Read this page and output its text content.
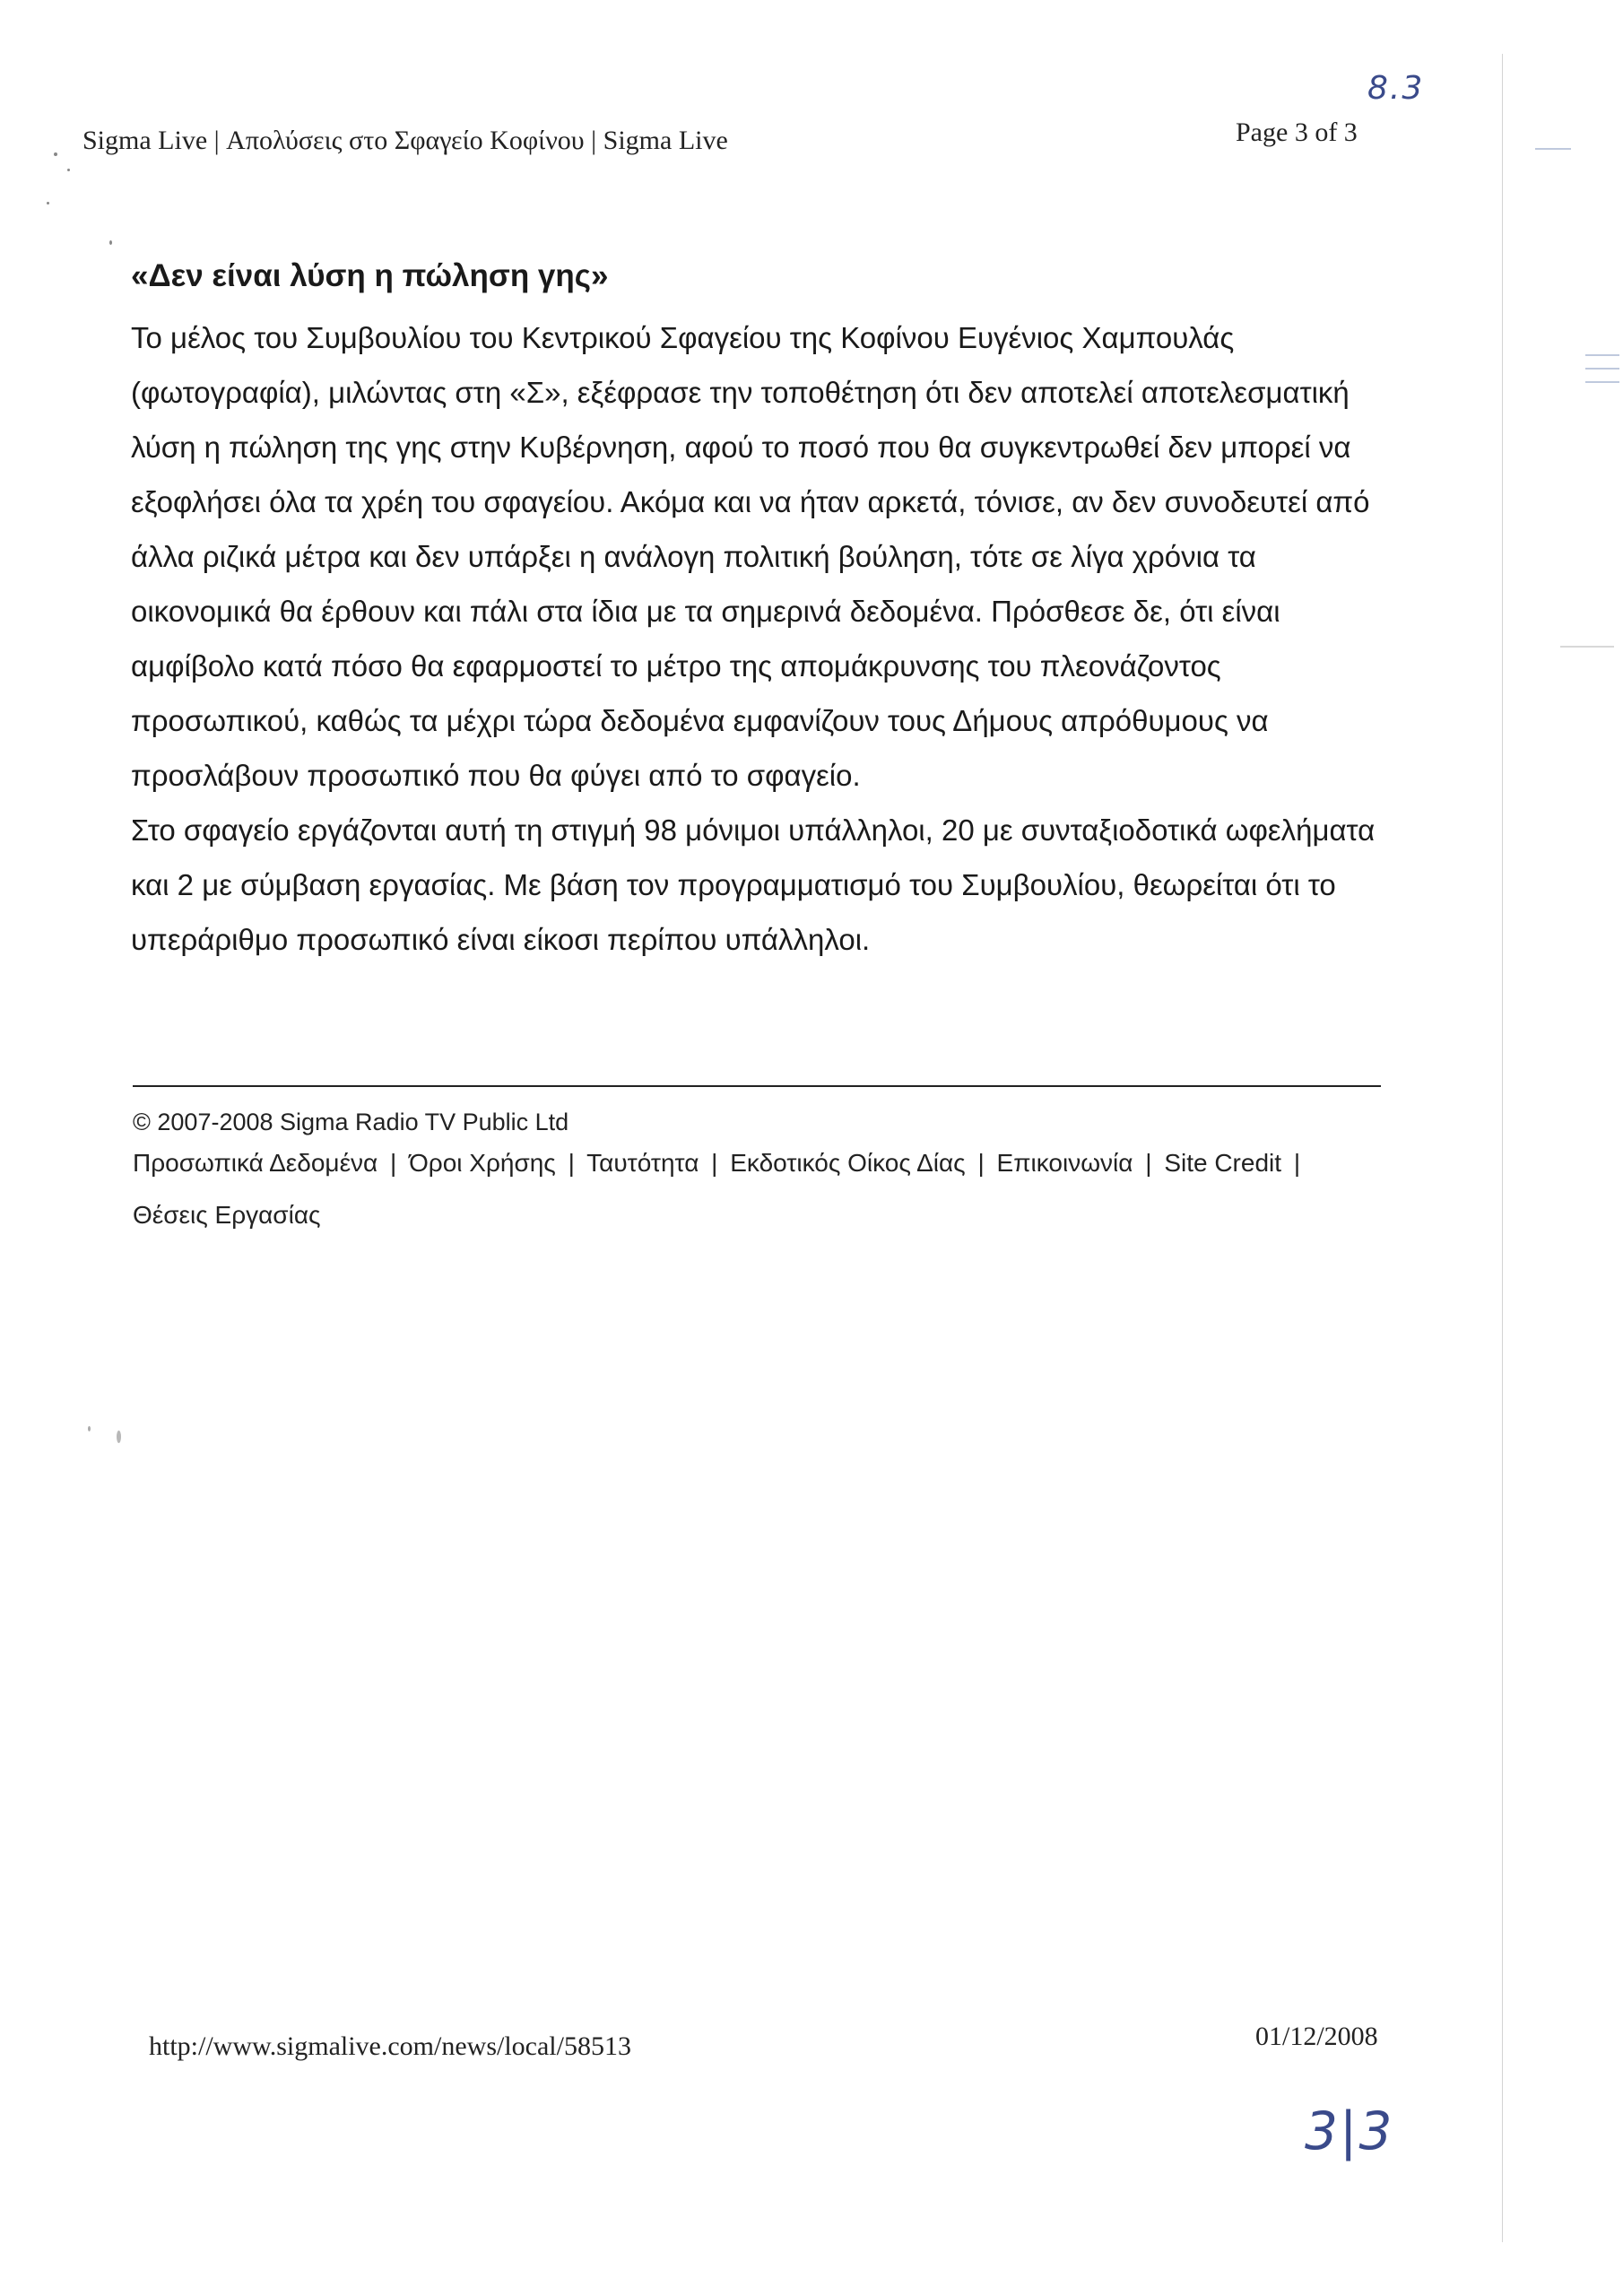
Sigma Live | Απολύσεις στο Σφαγείο Κοφίνου | Sigma Live	Page 3 of 3
8.3
«Δεν είναι λύση η πώληση γης»

Το μέλος του Συμβουλίου του Κεντρικού Σφαγείου της Κοφίνου Ευγένιος Χαμπουλάς (φωτογραφία), μιλώντας στη «Σ», εξέφρασε την τοποθέτηση ότι δεν αποτελεί αποτελεσματική λύση η πώληση της γης στην Κυβέρνηση, αφού το ποσό που θα συγκεντρωθεί δεν μπορεί να εξοφλήσει όλα τα χρέη του σφαγείου. Ακόμα και να ήταν αρκετά, τόνισε, αν δεν συνοδευτεί από άλλα ριζικά μέτρα και δεν υπάρξει η ανάλογη πολιτική βούληση, τότε σε λίγα χρόνια τα οικονομικά θα έρθουν και πάλι στα ίδια με τα σημερινά δεδομένα. Πρόσθεσε δε, ότι είναι αμφίβολο κατά πόσο θα εφαρμοστεί το μέτρο της απομάκρυνσης του πλεονάζοντος προσωπικού, καθώς τα μέχρι τώρα δεδομένα εμφανίζουν τους Δήμους απρόθυμους να προσλάβουν προσωπικό που θα φύγει από το σφαγείο.

Στο σφαγείο εργάζονται αυτή τη στιγμή 98 μόνιμοι υπάλληλοι, 20 με συνταξιοδοτικά ωφελήματα και 2 με σύμβαση εργασίας. Με βάση τον προγραμματισμό του Συμβουλίου, θεωρείται ότι το υπεράριθμο προσωπικό είναι είκοσι περίπου υπάλληλοι.

© 2007-2008 Sigma Radio TV Public Ltd
Προσωπικά Δεδομένα | Όροι Χρήσης | Ταυτότητα | Εκδοτικός Οίκος Δίας | Επικοινωνία | Site Credit | Θέσεις Εργασίας
http://www.sigmalive.com/news/local/58513	01/12/2008
3|3
